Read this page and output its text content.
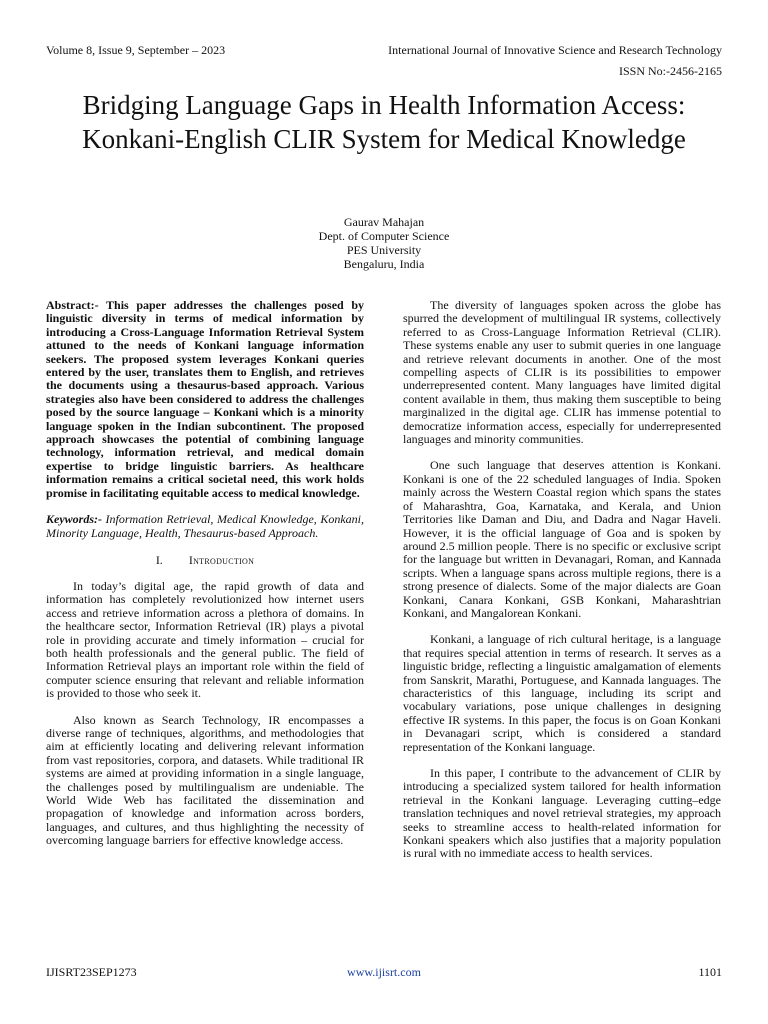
Volume 8, Issue 9, September – 2023	International Journal of Innovative Science and Research Technology
ISSN No:-2456-2165
Bridging Language Gaps in Health Information Access: Konkani-English CLIR System for Medical Knowledge
Gaurav Mahajan
Dept. of Computer Science
PES University
Bengaluru, India

Abstract:- This paper addresses the challenges posed by linguistic diversity in terms of medical information by introducing a Cross-Language Information Retrieval System attuned to the needs of Konkani language information seekers. The proposed system leverages Konkani queries entered by the user, translates them to English, and retrieves the documents using a thesaurus-based approach. Various strategies also have been considered to address the challenges posed by the source language – Konkani which is a minority language spoken in the Indian subcontinent. The proposed approach showcases the potential of combining language technology, information retrieval, and medical domain expertise to bridge linguistic barriers. As healthcare information remains a critical societal need, this work holds promise in facilitating equitable access to medical knowledge.

Keywords:- Information Retrieval, Medical Knowledge, Konkani, Minority Language, Health, Thesaurus-based Approach.

I. Introduction

In today’s digital age, the rapid growth of data and information has completely revolutionized how internet users access and retrieve information across a plethora of domains. In the healthcare sector, Information Retrieval (IR) plays a pivotal role in providing accurate and timely information – crucial for both health professionals and the general public. The field of Information Retrieval plays an important role within the field of computer science ensuring that relevant and reliable information is provided to those who seek it.

Also known as Search Technology, IR encompasses a diverse range of techniques, algorithms, and methodologies that aim at efficiently locating and delivering relevant information from vast repositories, corpora, and datasets. While traditional IR systems are aimed at providing information in a single language, the challenges posed by multilingualism are undeniable. The World Wide Web has facilitated the dissemination and propagation of knowledge and information across borders, languages, and cultures, and thus highlighting the necessity of overcoming language barriers for effective knowledge access.

The diversity of languages spoken across the globe has spurred the development of multilingual IR systems, collectively referred to as Cross-Language Information Retrieval (CLIR). These systems enable any user to submit queries in one language and retrieve relevant documents in another. One of the most compelling aspects of CLIR is its possibilities to empower underrepresented content. Many languages have limited digital content available in them, thus making them susceptible to being marginalized in the digital age. CLIR has immense potential to democratize information access, especially for underrepresented languages and minority communities.

One such language that deserves attention is Konkani. Konkani is one of the 22 scheduled languages of India. Spoken mainly across the Western Coastal region which spans the states of Maharashtra, Goa, Karnataka, and Kerala, and Union Territories like Daman and Diu, and Dadra and Nagar Haveli. However, it is the official language of Goa and is spoken by around 2.5 million people. There is no specific or exclusive script for the language but written in Devanagari, Roman, and Kannada scripts. When a language spans across multiple regions, there is a strong presence of dialects. Some of the major dialects are Goan Konkani, Canara Konkani, GSB Konkani, Maharashtrian Konkani, and Mangalorean Konkani.

Konkani, a language of rich cultural heritage, is a language that requires special attention in terms of research. It serves as a linguistic bridge, reflecting a linguistic amalgamation of elements from Sanskrit, Marathi, Portuguese, and Kannada languages. The characteristics of this language, including its script and vocabulary variations, pose unique challenges in designing effective IR systems. In this paper, the focus is on Goan Konkani in Devanagari script, which is considered a standard representation of the Konkani language.

In this paper, I contribute to the advancement of CLIR by introducing a specialized system tailored for health information retrieval in the Konkani language. Leveraging cutting–edge translation techniques and novel retrieval strategies, my approach seeks to streamline access to health-related information for Konkani speakers which also justifies that a majority population is rural with no immediate access to health services.

IJISRT23SEP1273	www.ijisrt.com	1101
